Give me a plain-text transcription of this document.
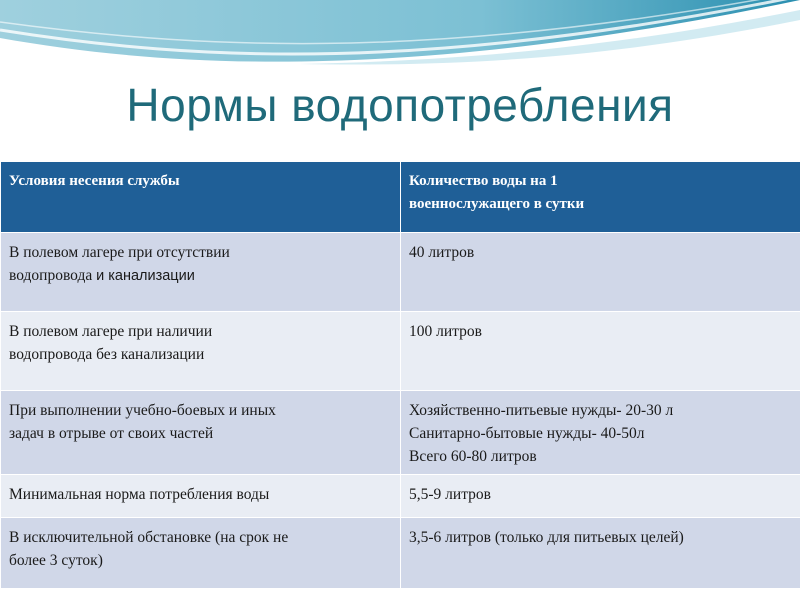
Нормы водопотребления
Условия несения службы	Количество воды на 1
военнослужащего в сутки

В полевом лагере при отсутствии
водопровода и канализации	40 литров

В полевом лагере при наличии
водопровода без канализации	100 литров

При выполнении учебно-боевых и иных
задач в отрыве от своих частей	Хозяйственно-питьевые нужды- 20-30 л
Санитарно-бытовые нужды- 40-50л
Всего 60-80 литров

Минимальная норма потребления воды	5,5-9 литров

В исключительной обстановке (на срок не
более 3 суток)	3,5-6 литров (только для питьевых целей)
